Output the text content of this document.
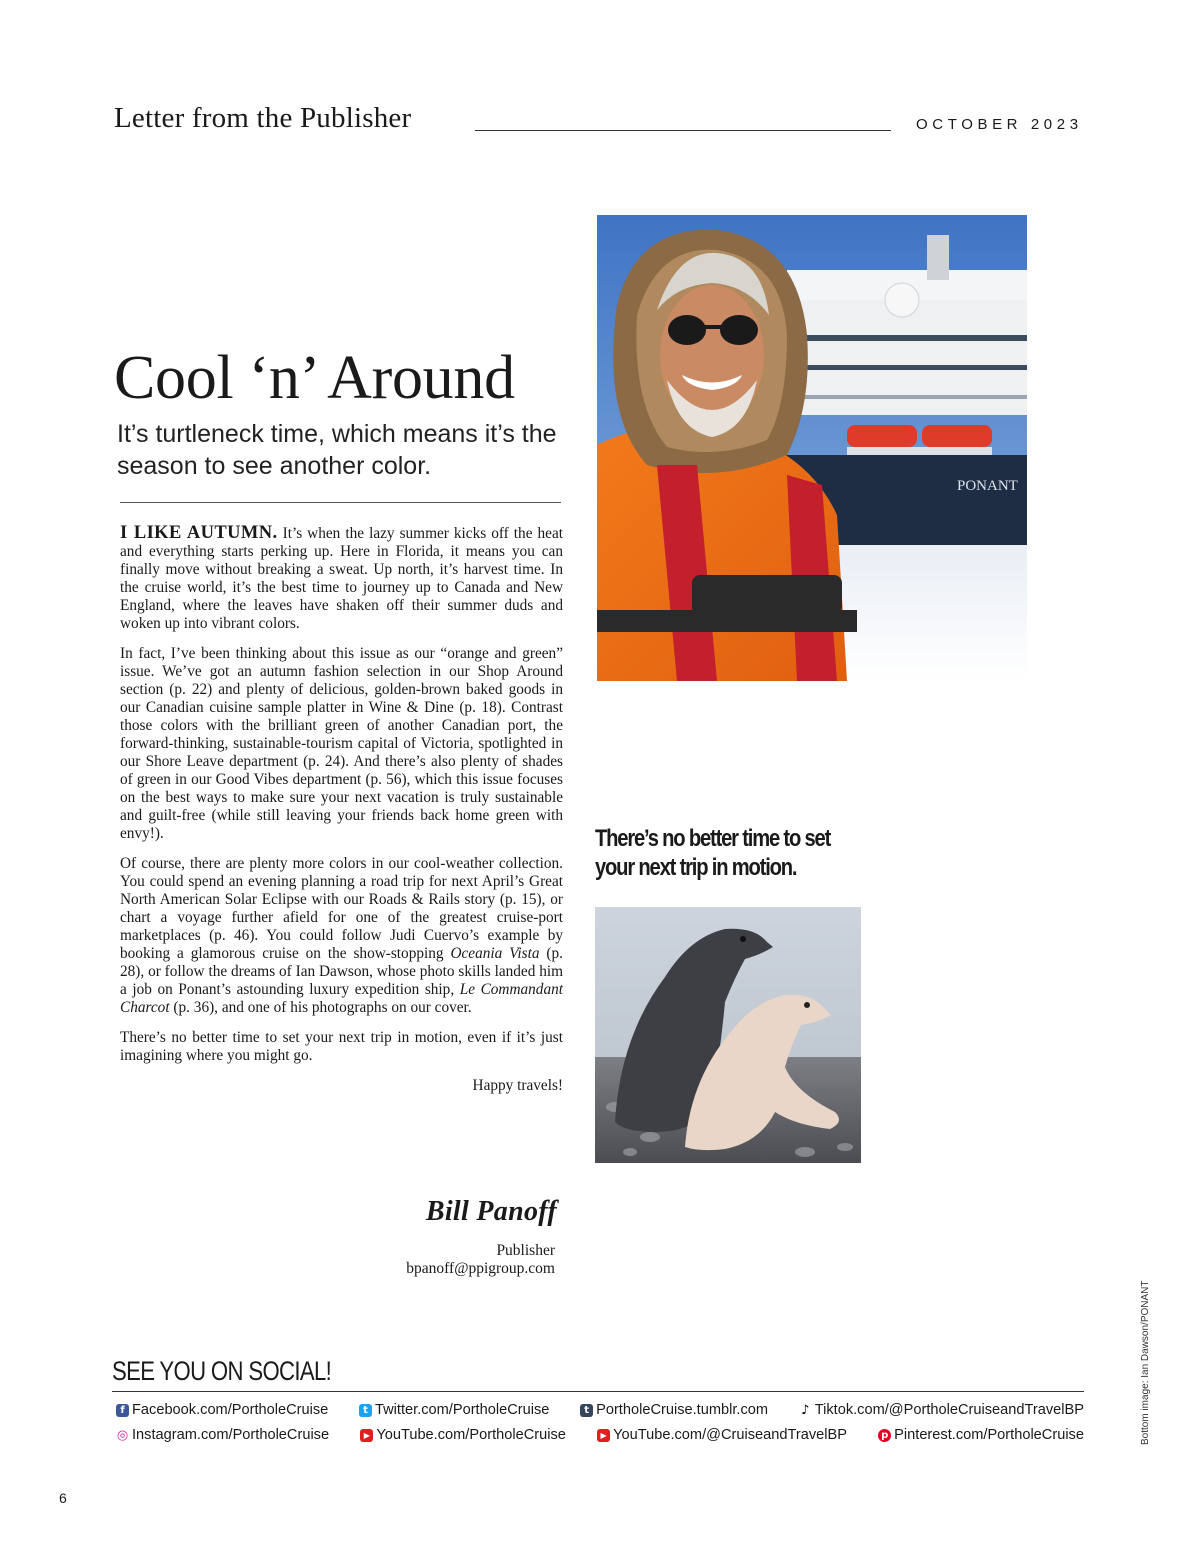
Letter from the Publisher	OCTOBER 2023
Cool ‘n’ Around
It’s turtleneck time, which means it’s the season to see another color.

I LIKE AUTUMN. It’s when the lazy summer kicks off the heat and everything starts perking up. Here in Florida, it means you can finally move without breaking a sweat. Up north, it’s harvest time. In the cruise world, it’s the best time to journey up to Canada and New England, where the leaves have shaken off their summer duds and woken up into vibrant colors.

In fact, I’ve been thinking about this issue as our “orange and green” issue. We’ve got an autumn fashion selection in our Shop Around section (p. 22) and plenty of delicious, golden-brown baked goods in our Canadian cuisine sample platter in Wine & Dine (p. 18). Contrast those colors with the brilliant green of another Canadian port, the forward-thinking, sustainable-tourism capital of Victoria, spotlighted in our Shore Leave department (p. 24). And there’s also plenty of shades of green in our Good Vibes department (p. 56), which this issue focuses on the best ways to make sure your next vacation is truly sustainable and guilt-free (while still leaving your friends back home green with envy!).

Of course, there are plenty more colors in our cool-weather collection. You could spend an evening planning a road trip for next April’s Great North American Solar Eclipse with our Roads & Rails story (p. 15), or chart a voyage further afield for one of the greatest cruise-port marketplaces (p. 46). You could follow Judi Cuervo’s example by booking a glamorous cruise on the show-stopping Oceania Vista (p. 28), or follow the dreams of Ian Dawson, whose photo skills landed him a job on Ponant’s astounding luxury expedition ship, Le Commandant Charcot (p. 36), and one of his photographs on our cover.

There’s no better time to set your next trip in motion, even if it’s just imagining where you might go.

Happy travels!

Bill Panoff
Publisher
bpanoff@ppigroup.com
PONANT
There’s no better time to set your next trip in motion.
Bottom image: Ian Dawson/PONANT
SEE YOU ON SOCIAL!
f Facebook.com/PortholeCruise	t Twitter.com/PortholeCruise	t PortholeCruise.tumblr.com	♪ Tiktok.com/@PortholeCruiseandTravelBP
◎ Instagram.com/PortholeCruise	▶ YouTube.com/PortholeCruise	▶ YouTube.com/@CruiseandTravelBP	p Pinterest.com/PortholeCruise
6
